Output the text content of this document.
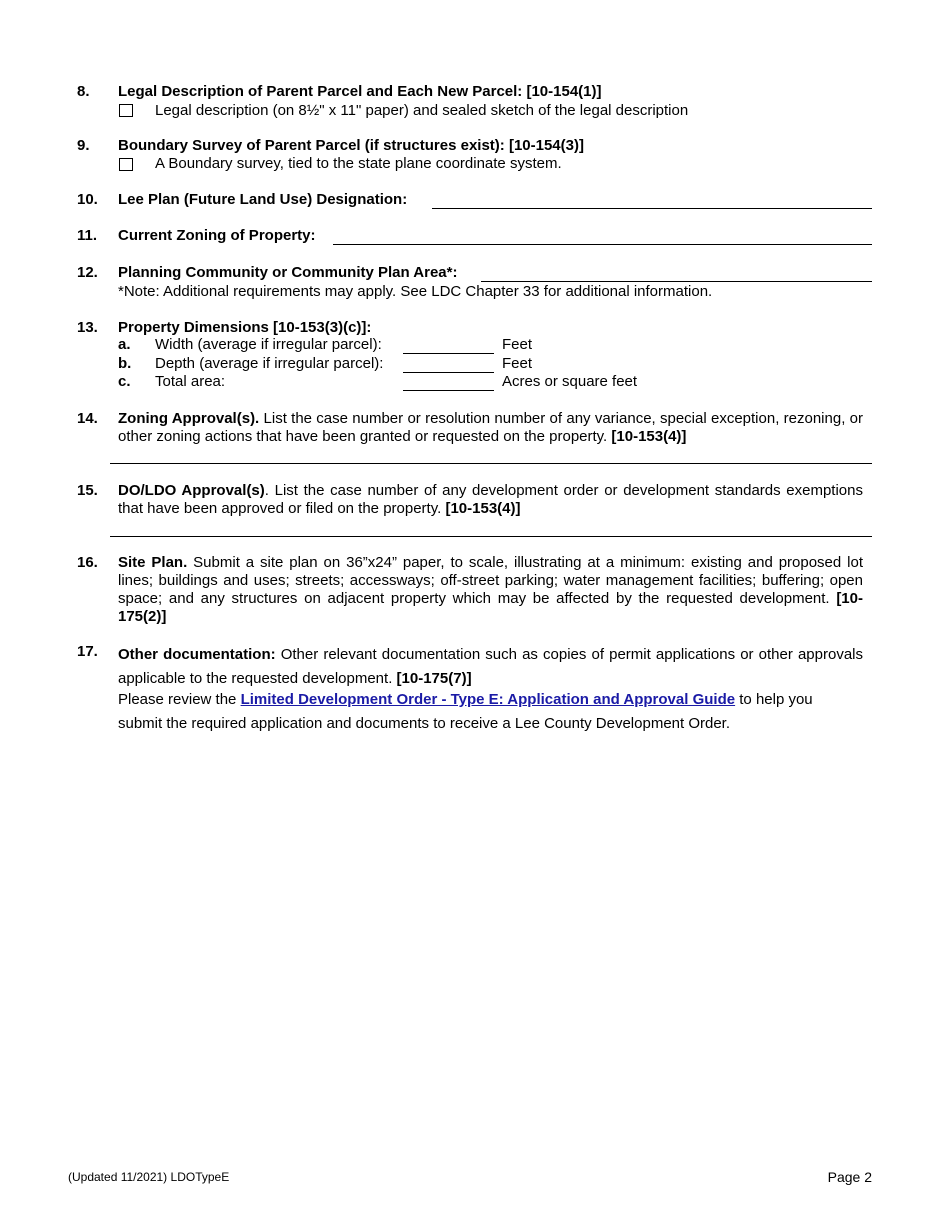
8. Legal Description of Parent Parcel and Each New Parcel: [10-154(1)]
Legal description (on 8½" x 11" paper) and sealed sketch of the legal description
9. Boundary Survey of Parent Parcel (if structures exist): [10-154(3)]
A Boundary survey, tied to the state plane coordinate system.
10. Lee Plan (Future Land Use) Designation:
11. Current Zoning of Property:
12. Planning Community or Community Plan Area*:
*Note: Additional requirements may apply. See LDC Chapter 33 for additional information.
13. Property Dimensions [10-153(3)(c)]:
a. Width (average if irregular parcel):	Feet
b. Depth (average if irregular parcel):	Feet
c. Total area:	Acres or square feet
14. Zoning Approval(s). List the case number or resolution number of any variance, special exception, rezoning, or other zoning actions that have been granted or requested on the property. [10-153(4)]
15. DO/LDO Approval(s). List the case number of any development order or development standards exemptions that have been approved or filed on the property. [10-153(4)]
16. Site Plan. Submit a site plan on 36”x24” paper, to scale, illustrating at a minimum: existing and proposed lot lines; buildings and uses; streets; accessways; off-street parking; water management facilities; buffering; open space; and any structures on adjacent property which may be affected by the requested development. [10-175(2)]
17. Other documentation: Other relevant documentation such as copies of permit applications or other approvals applicable to the requested development. [10-175(7)]
Please review the Limited Development Order - Type E: Application and Approval Guide to help you
submit the required application and documents to receive a Lee County Development Order.
(Updated 11/2021) LDOTypeE	Page 2
